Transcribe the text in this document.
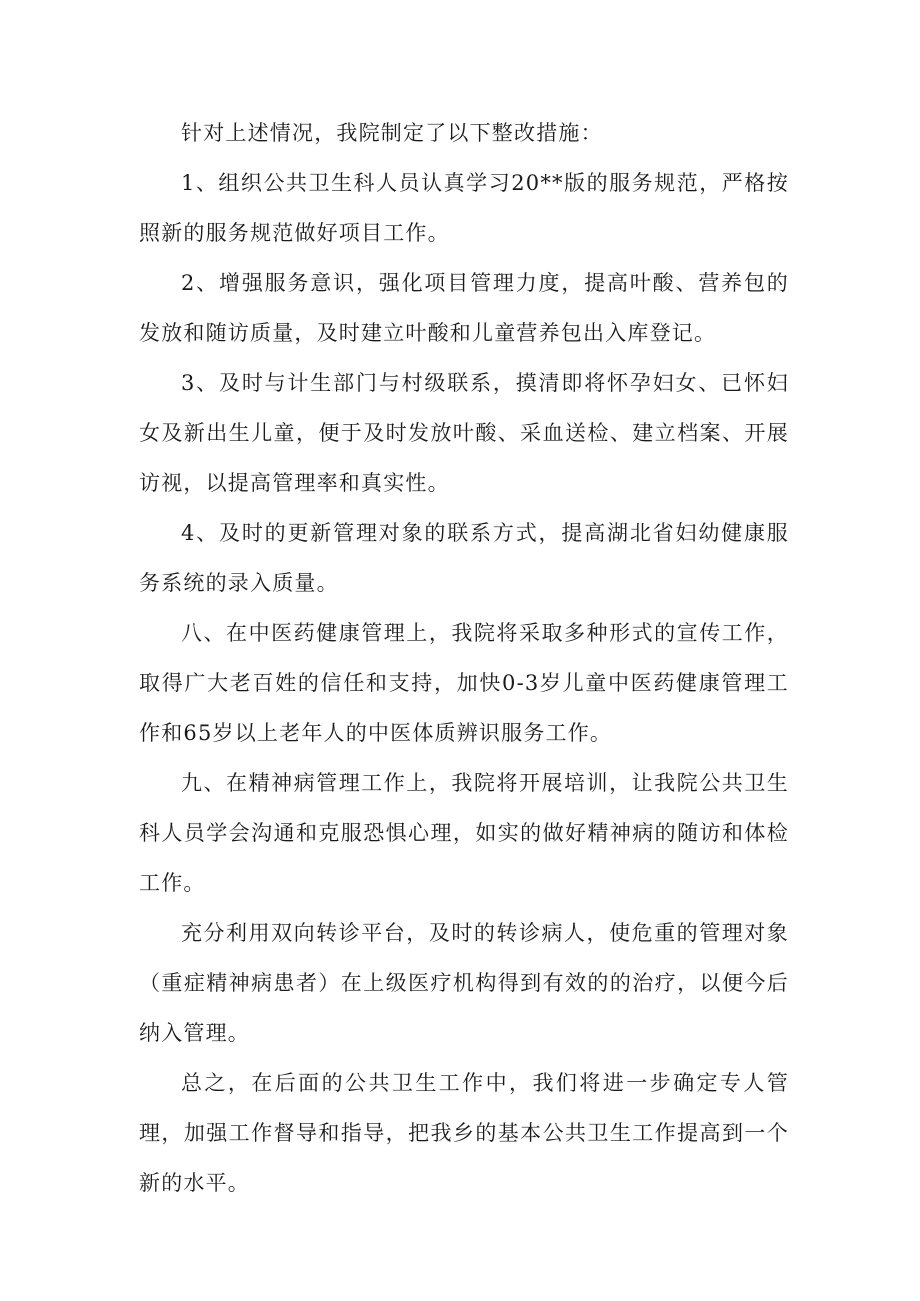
针对上述情况，我院制定了以下整改措施：

1、组织公共卫生科人员认真学习20**版的服务规范，严格按照新的服务规范做好项目工作。

2、增强服务意识，强化项目管理力度，提高叶酸、营养包的发放和随访质量，及时建立叶酸和儿童营养包出入库登记。

3、及时与计生部门与村级联系，摸清即将怀孕妇女、已怀妇女及新出生儿童，便于及时发放叶酸、采血送检、建立档案、开展访视，以提高管理率和真实性。

4、及时的更新管理对象的联系方式，提高湖北省妇幼健康服务系统的录入质量。

八、在中医药健康管理上，我院将采取多种形式的宣传工作，取得广大老百姓的信任和支持，加快0-3岁儿童中医药健康管理工作和65岁以上老年人的中医体质辨识服务工作。

九、在精神病管理工作上，我院将开展培训，让我院公共卫生科人员学会沟通和克服恐惧心理，如实的做好精神病的随访和体检工作。

充分利用双向转诊平台，及时的转诊病人，使危重的管理对象（重症精神病患者）在上级医疗机构得到有效的的治疗，以便今后纳入管理。

总之，在后面的公共卫生工作中，我们将进一步确定专人管理，加强工作督导和指导，把我乡的基本公共卫生工作提高到一个新的水平。
